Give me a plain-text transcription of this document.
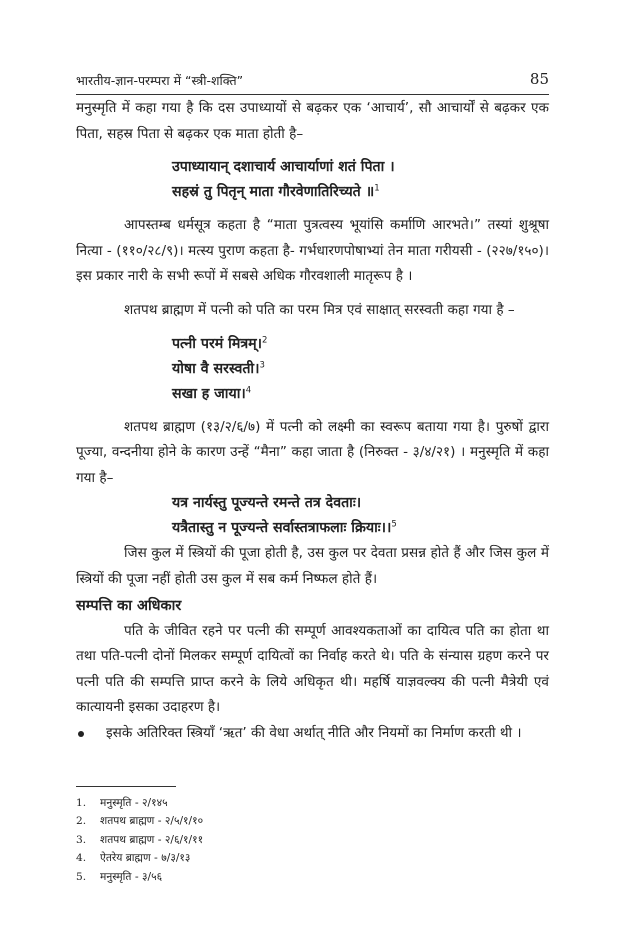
भारतीय-ज्ञान-परम्परा में “स्त्री-शक्ति”	85

मनुस्मृति में कहा गया है कि दस उपाध्यायों से बढ़कर एक ‘आचार्य’, सौ आचार्यों से बढ़कर एक पिता, सहस्र पिता से बढ़कर एक माता होती है–

उपाध्यायान् दशाचार्य आचार्याणां शतं पिता ।

सहस्रं तु पितृन् माता गौरवेणातिरिच्यते ॥$^1$

आपस्तम्ब धर्मसूत्र कहता है “माता पुत्रत्वस्य भूयांसि कर्माणि आरभते।” तस्यां शुश्रूषा नित्या - (११०/२८/९)। मत्स्य पुराण कहता है- गर्भधारणपोषाभ्यां तेन माता गरीयसी - (२२७/१५०)। इस प्रकार नारी के सभी रूपों में सबसे अधिक गौरवशाली मातृरूप है ।

शतपथ ब्राह्मण में पत्नी को पति का परम मित्र एवं साक्षात् सरस्वती कहा गया है –

पत्नी परमं मित्रम्।$^2$

योषा वै सरस्वती।$^3$

सखा ह जाया।$^4$

शतपथ ब्राह्मण (१३/२/६/७) में पत्नी को लक्ष्मी का स्वरूप बताया गया है। पुरुषों द्वारा पूज्या, वन्दनीया होने के कारण उन्हें “मैना” कहा जाता है (निरुक्त - ३/४/२१) । मनुस्मृति में कहा गया है–

यत्र नार्यस्तु पूज्यन्ते रमन्ते तत्र देवताः।

यत्रैतास्तु न पूज्यन्ते सर्वास्तत्राफलाः क्रियाः।।$^5$

जिस कुल में स्त्रियों की पूजा होती है, उस कुल पर देवता प्रसन्न होते हैं और जिस कुल में स्त्रियों की पूजा नहीं होती उस कुल में सब कर्म निष्फल होते हैं।

सम्पत्ति का अधिकार

पति के जीवित रहने पर पत्नी की सम्पूर्ण आवश्यकताओं का दायित्व पति का होता था तथा पति-पत्नी दोनों मिलकर सम्पूर्ण दायित्वों का निर्वाह करते थे। पति के संन्यास ग्रहण करने पर पत्नी पति की सम्पत्ति प्राप्त करने के लिये अधिकृत थी। महर्षि याज्ञवल्क्य की पत्नी मैत्रेयी एवं कात्यायनी इसका उदाहरण है।

इसके अतिरिक्त स्त्रियाँ ‘ऋत’ की वेधा अर्थात् नीति और नियमों का निर्माण करती थी ।

1. मनुस्मृति - २/१४५
2. शतपथ ब्राह्मण - २/५/१/१०
3. शतपथ ब्राह्मण - २/६/१/११
4. ऐतरेय ब्राह्मण - ७/३/१३
5. मनुस्मृति - ३/५६
